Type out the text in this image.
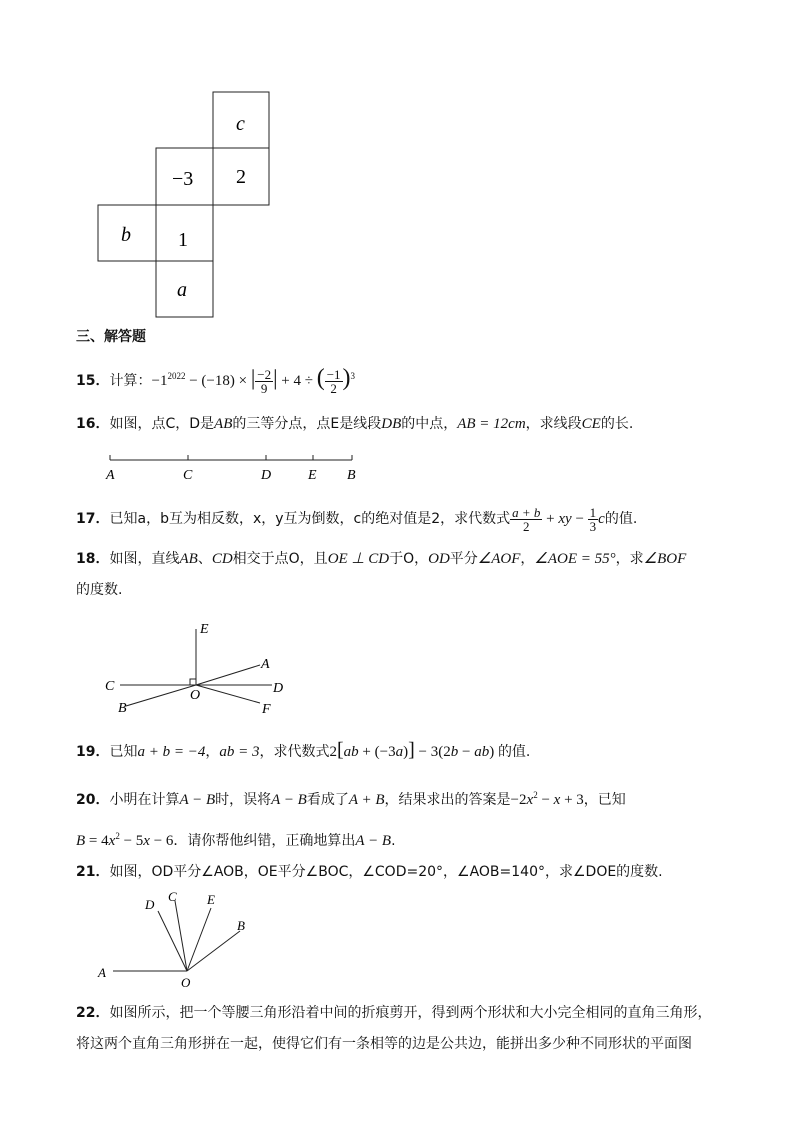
c
−3 2
b 1
a
三、解答题
15．计算：$-1^{2022} - (-18)$ × | $\frac{-2}{9}$ | + 4 ÷ ( $\frac{-1}{2} )^3$
16．如图，点C，D是AB的三等分点，点E是线段DB的中点，AB = 12cm，求线段CE的长.
A	C	D	E B
17．已知a，b互为相反数，x，y互为倒数，c的绝对值是2，求代数式 $\frac{a + b}{2}$ + xy − $\frac{1}{3}$ c的值.
18．如图，直线AB、CD相交于点O，且OE ⊥ CD于O，OD平分∠AOF，∠AOE = 55°，求∠BOF
的度数.
E
A
C
O	D
B	F
19．已知a + b = −4，ab = 3，求代数式2[ab + (−3a)] − 3(2b − ab) 的值.
20．小明在计算A − B时，误将A − B看成了A + B，结果求出的答案是$-2x^2 - x + 3$，已知
$B = 4x^2 - 5x - 6$．请你帮他纠错，正确地算出A − B.
21．如图，OD平分∠AOB，OE平分∠BOC，∠COD=20°，∠AOB=140°，求∠DOE的度数.
D
C E
B
A
O
22．如图所示，把一个等腰三角形沿着中间的折痕剪开，得到两个形状和大小完全相同的直角三角形，
将这两个直角三角形拼在一起，使得它们有一条相等的边是公共边，能拼出多少种不同形状的平面图
